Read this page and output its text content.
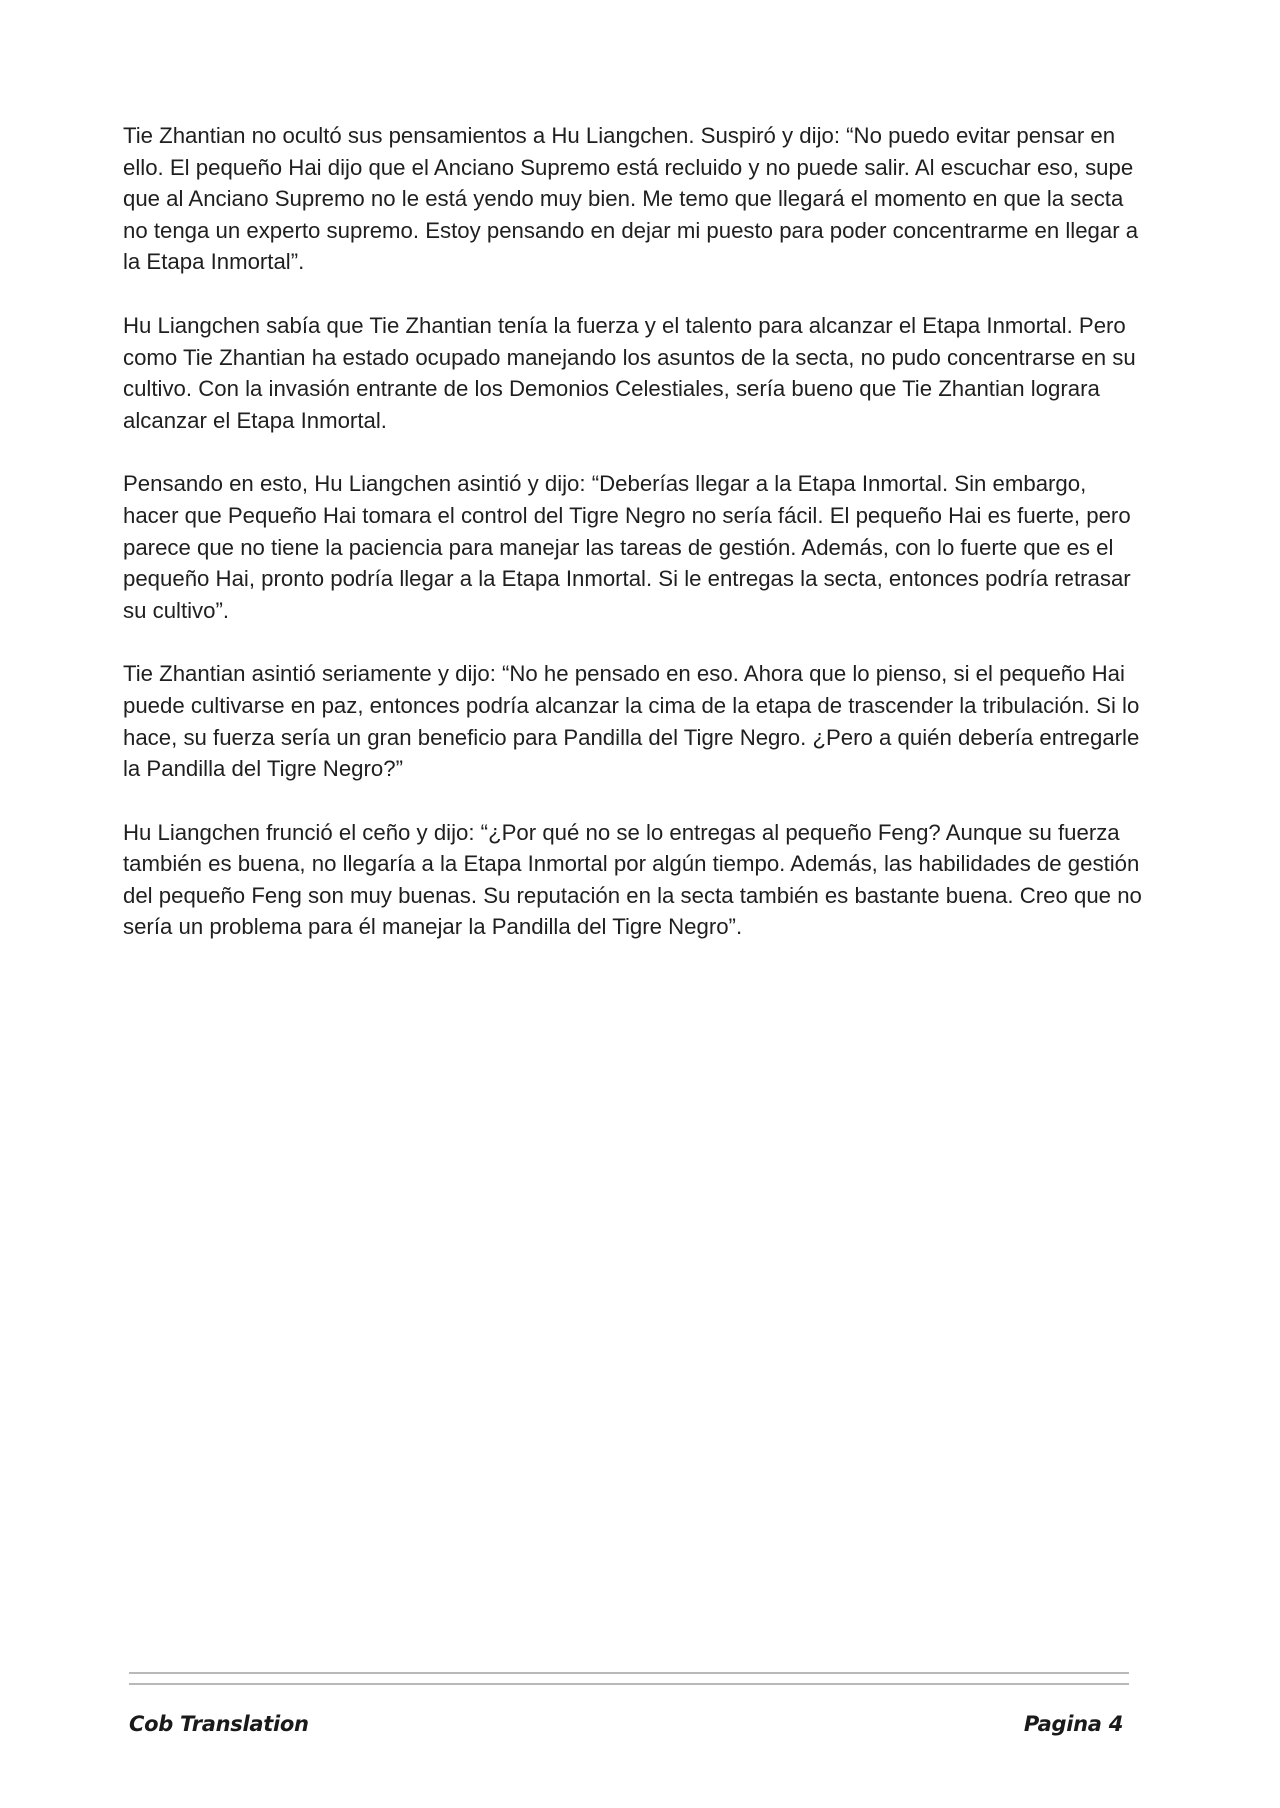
Tie Zhantian no ocultó sus pensamientos a Hu Liangchen. Suspiró y dijo: “No puedo evitar pensar en ello. El pequeño Hai dijo que el Anciano Supremo está recluido y no puede salir. Al escuchar eso, supe que al Anciano Supremo no le está yendo muy bien. Me temo que llegará el momento en que la secta no tenga un experto supremo. Estoy pensando en dejar mi puesto para poder concentrarme en llegar a la Etapa Inmortal”.

Hu Liangchen sabía que Tie Zhantian tenía la fuerza y el talento para alcanzar el Etapa Inmortal. Pero como Tie Zhantian ha estado ocupado manejando los asuntos de la secta, no pudo concentrarse en su cultivo. Con la invasión entrante de los Demonios Celestiales, sería bueno que Tie Zhantian lograra alcanzar el Etapa Inmortal.

Pensando en esto, Hu Liangchen asintió y dijo: “Deberías llegar a la Etapa Inmortal. Sin embargo, hacer que Pequeño Hai tomara el control del Tigre Negro no sería fácil. El pequeño Hai es fuerte, pero parece que no tiene la paciencia para manejar las tareas de gestión. Además, con lo fuerte que es el pequeño Hai, pronto podría llegar a la Etapa Inmortal. Si le entregas la secta, entonces podría retrasar su cultivo”.

Tie Zhantian asintió seriamente y dijo: “No he pensado en eso. Ahora que lo pienso, si el pequeño Hai puede cultivarse en paz, entonces podría alcanzar la cima de la etapa de trascender la tribulación. Si lo hace, su fuerza sería un gran beneficio para Pandilla del Tigre Negro. ¿Pero a quién debería entregarle la Pandilla del Tigre Negro?”

Hu Liangchen frunció el ceño y dijo: “¿Por qué no se lo entregas al pequeño Feng? Aunque su fuerza también es buena, no llegaría a la Etapa Inmortal por algún tiempo. Además, las habilidades de gestión del pequeño Feng son muy buenas. Su reputación en la secta también es bastante buena. Creo que no sería un problema para él manejar la Pandilla del Tigre Negro”.

Cob Translation	Pagina 4
